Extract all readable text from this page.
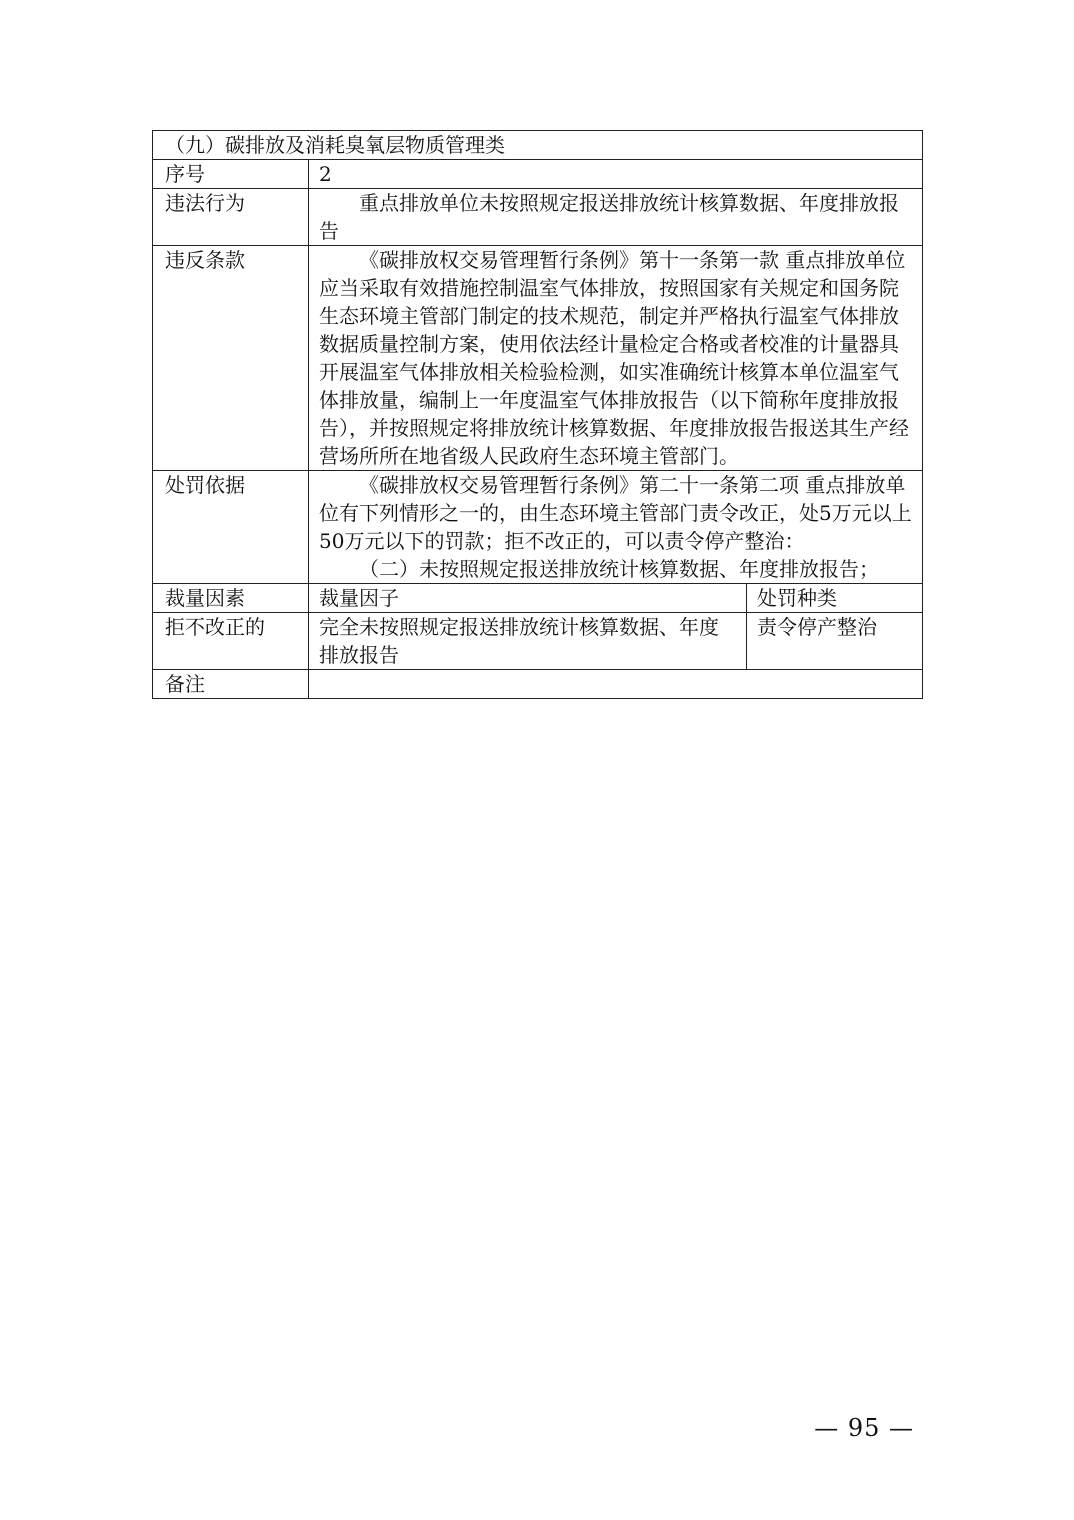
（九）碳排放及消耗臭氧层物质管理类		
序号	2	
违法行为	重点排放单位未按照规定报送排放统计核算数据、年度排放报告	
违反条款	《碳排放权交易管理暂行条例》第十一条第一款 重点排放单位应当采取有效措施控制温室气体排放，按照国家有关规定和国务院生态环境主管部门制定的技术规范，制定并严格执行温室气体排放数据质量控制方案，使用依法经计量检定合格或者校准的计量器具开展温室气体排放相关检验检测，如实准确统计核算本单位温室气体排放量，编制上一年度温室气体排放报告（以下简称年度排放报告），并按照规定将排放统计核算数据、年度排放报告报送其生产经营场所所在地省级人民政府生态环境主管部门。	
处罚依据	《碳排放权交易管理暂行条例》第二十一条第二项 重点排放单位有下列情形之一的，由生态环境主管部门责令改正，处5万元以上50万元以下的罚款；拒不改正的，可以责令停产整治：

（二）未按照规定报送排放统计核算数据、年度排放报告；	

裁量因素	裁量因子	处罚种类
拒不改正的	完全未按照规定报送排放统计核算数据、年度排放报告	责令停产整治
备注		
— 95 —
